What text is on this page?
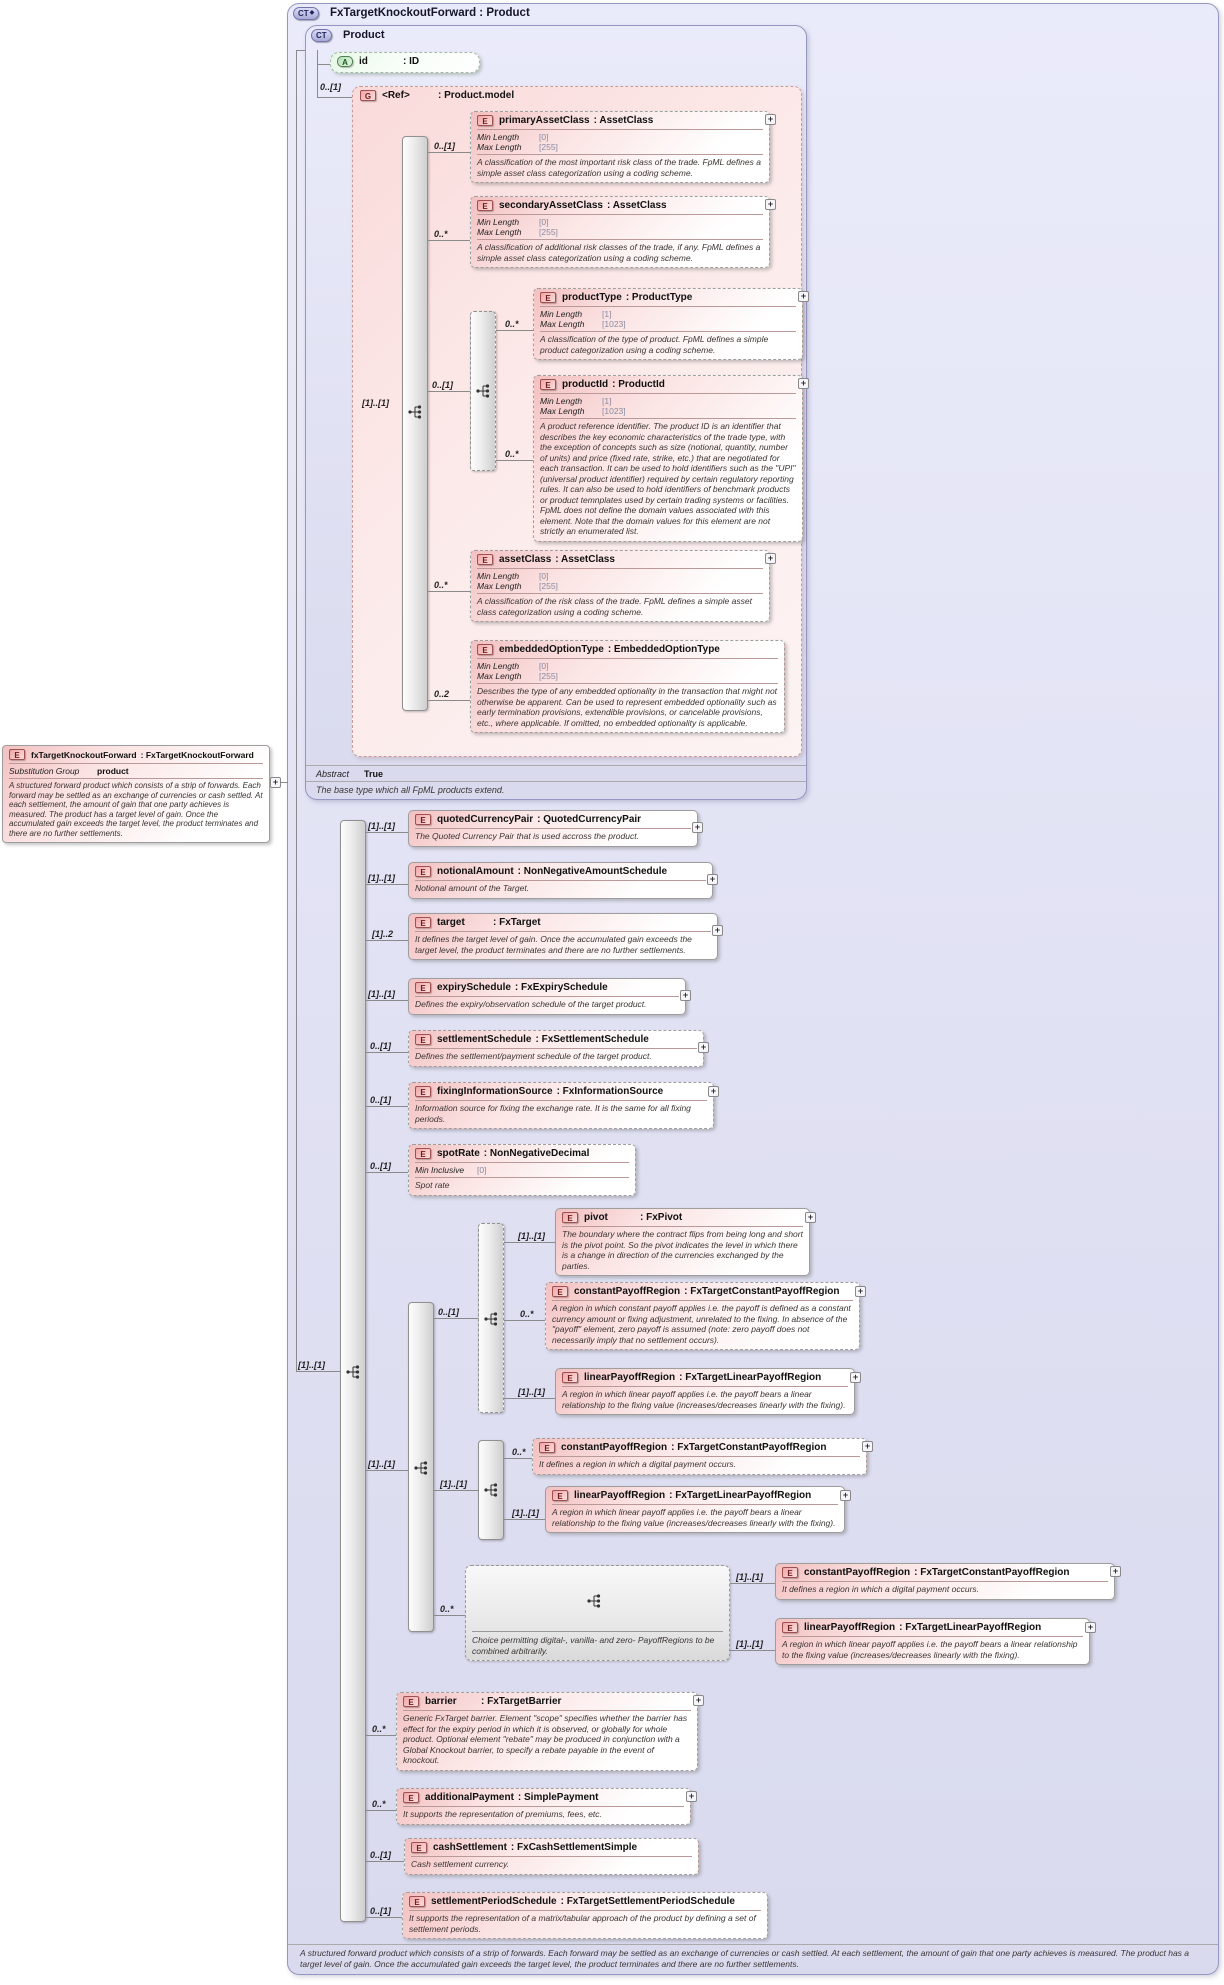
CT ◆ FxTargetKnockoutForward : Product
CT Product
A	id	: ID
0..[1]
G	<Ref>	: Product.model
[1]..[1]
0..[1]
E	primaryAssetClass : AssetClass
Min Length	[0]
Max Length	[255]
A classification of the most important risk class of the trade. FpML defines a simple asset class categorization using a coding scheme.
+
0..*
E	secondaryAssetClass : AssetClass
Min Length	[0]
Max Length	[255]
A classification of additional risk classes of the trade, if any. FpML defines a simple asset class categorization using a coding scheme.
+
0..[1]
0..*
E	productType : ProductType
Min Length	[1]
Max Length	[1023]
A classification of the type of product. FpML defines a simple product categorization using a coding scheme.
+
0..*
E	productId : ProductId
Min Length	[1]
Max Length	[1023]
A product reference identifier. The product ID is an identifier that describes the key economic characteristics of the trade type, with the exception of concepts such as size (notional, quantity, number of units) and price (fixed rate, strike, etc.) that are negotiated for each transaction. It can be used to hold identifiers such as the "UPI" (universal product identifier) required by certain regulatory reporting rules. It can also be used to hold identifiers of benchmark products or product temnplates used by certain trading systems or facilities. FpML does not define the domain values associated with this element. Note that the domain values for this element are not strictly an enumerated list.
+
0..*
E	assetClass : AssetClass
Min Length	[0]
Max Length	[255]
A classification of the risk class of the trade. FpML defines a simple asset class categorization using a coding scheme.
+
0..2
E	embeddedOptionType : EmbeddedOptionType
Min Length	[0]
Max Length	[255]
Describes the type of any embedded optionality in the transaction that might not otherwise be apparent. Can be used to represent embedded optionality such as early termination provisions, extendible provisions, or cancelable provisions, etc., where applicable. If omitted, no embedded optionality is applicable.
Abstract True
The base type which all FpML products extend.
[1]..[1]
[1]..[1]
E	quotedCurrencyPair : QuotedCurrencyPair
The Quoted Currency Pair that is used accross the product.
+
[1]..[1]
E	notionalAmount : NonNegativeAmountSchedule
Notional amount of the Target.
+
[1]..2
E	target	: FxTarget
It defines the target level of gain. Once the accumulated gain exceeds the target level, the product terminates and there are no further settlements.
+
[1]..[1]
E	expirySchedule : FxExpirySchedule
Defines the expiry/observation schedule of the target product.
+
0..[1]
E	settlementSchedule : FxSettlementSchedule
Defines the settlement/payment schedule of the target product.
+
0..[1]
E	fixingInformationSource : FxInformationSource
Information source for fixing the exchange rate. It is the same for all fixing periods.
+
0..[1]
E	spotRate : NonNegativeDecimal
Min Inclusive	[0]
Spot rate
[1]..[1]
0..[1]
[1]..[1]
E	pivot	: FxPivot
The boundary where the contract flips from being long and short is the pivot point. So the pivot indicates the level in which there is a change in direction of the currencies exchanged by the parties.
+
0..*
E	constantPayoffRegion : FxTargetConstantPayoffRegion
A region in which constant payoff applies i.e. the payoff is defined as a constant currency amount or fixing adjustment, unrelated to the fixing. In absence of the "payoff" element, zero payoff is assumed (note: zero payoff does not necessarily imply that no settlement occurs).
+
[1]..[1]
E	linearPayoffRegion : FxTargetLinearPayoffRegion
A region in which linear payoff applies i.e. the payoff bears a linear relationship to the fixing value (increases/decreases linearly with the fixing).
+
[1]..[1]
0..*	E	constantPayoffRegion : FxTargetConstantPayoffRegion
It defines a region in which a digital payment occurs.
+
[1]..[1]
E	linearPayoffRegion : FxTargetLinearPayoffRegion
A region in which linear payoff applies i.e. the payoff bears a linear relationship to the fixing value (increases/decreases linearly with the fixing).
+
0..*
Choice permitting digital-, vanilla- and zero- PayoffRegions to be combined arbitrarily.
[1]..[1]	E	constantPayoffRegion : FxTargetConstantPayoffRegion
It defines a region in which a digital payment occurs.
+
[1]..[1]
E	linearPayoffRegion : FxTargetLinearPayoffRegion
A region in which linear payoff applies i.e. the payoff bears a linear relationship to the fixing value (increases/decreases linearly with the fixing).
+
0..*
E	barrier	: FxTargetBarrier
Generic FxTarget barrier. Element "scope" specifies whether the barrier has effect for the expiry period in which it is observed, or globally for whole product. Optional element "rebate" may be produced in conjunction with a Global Knockout barrier, to specify a rebate payable in the event of knockout.
+
0..*
E	additionalPayment : SimplePayment
It supports the representation of premiums, fees, etc.
+
0..[1]
E	cashSettlement : FxCashSettlementSimple
Cash settlement currency.
0..[1]
E	settlementPeriodSchedule : FxTargetSettlementPeriodSchedule
It supports the representation of a matrix/tabular approach of the product by defining a set of settlement periods.
A structured forward product which consists of a strip of forwards. Each forward may be settled as an exchange of currencies or cash settled. At each settlement, the amount of gain that one party achieves is measured. The product has a target level of gain. Once the accumulated gain exceeds the target level, the product terminates and there are no further settlements.
E	fxTargetKnockoutForward : FxTargetKnockoutForward
Substitution Group	product
A structured forward product which consists of a strip of forwards. Each forward may be settled as an exchange of currencies or cash settled. At each settlement, the amount of gain that one party achieves is measured. The product has a target level of gain. Once the accumulated gain exceeds the target level, the product terminates and there are no further settlements.
+
